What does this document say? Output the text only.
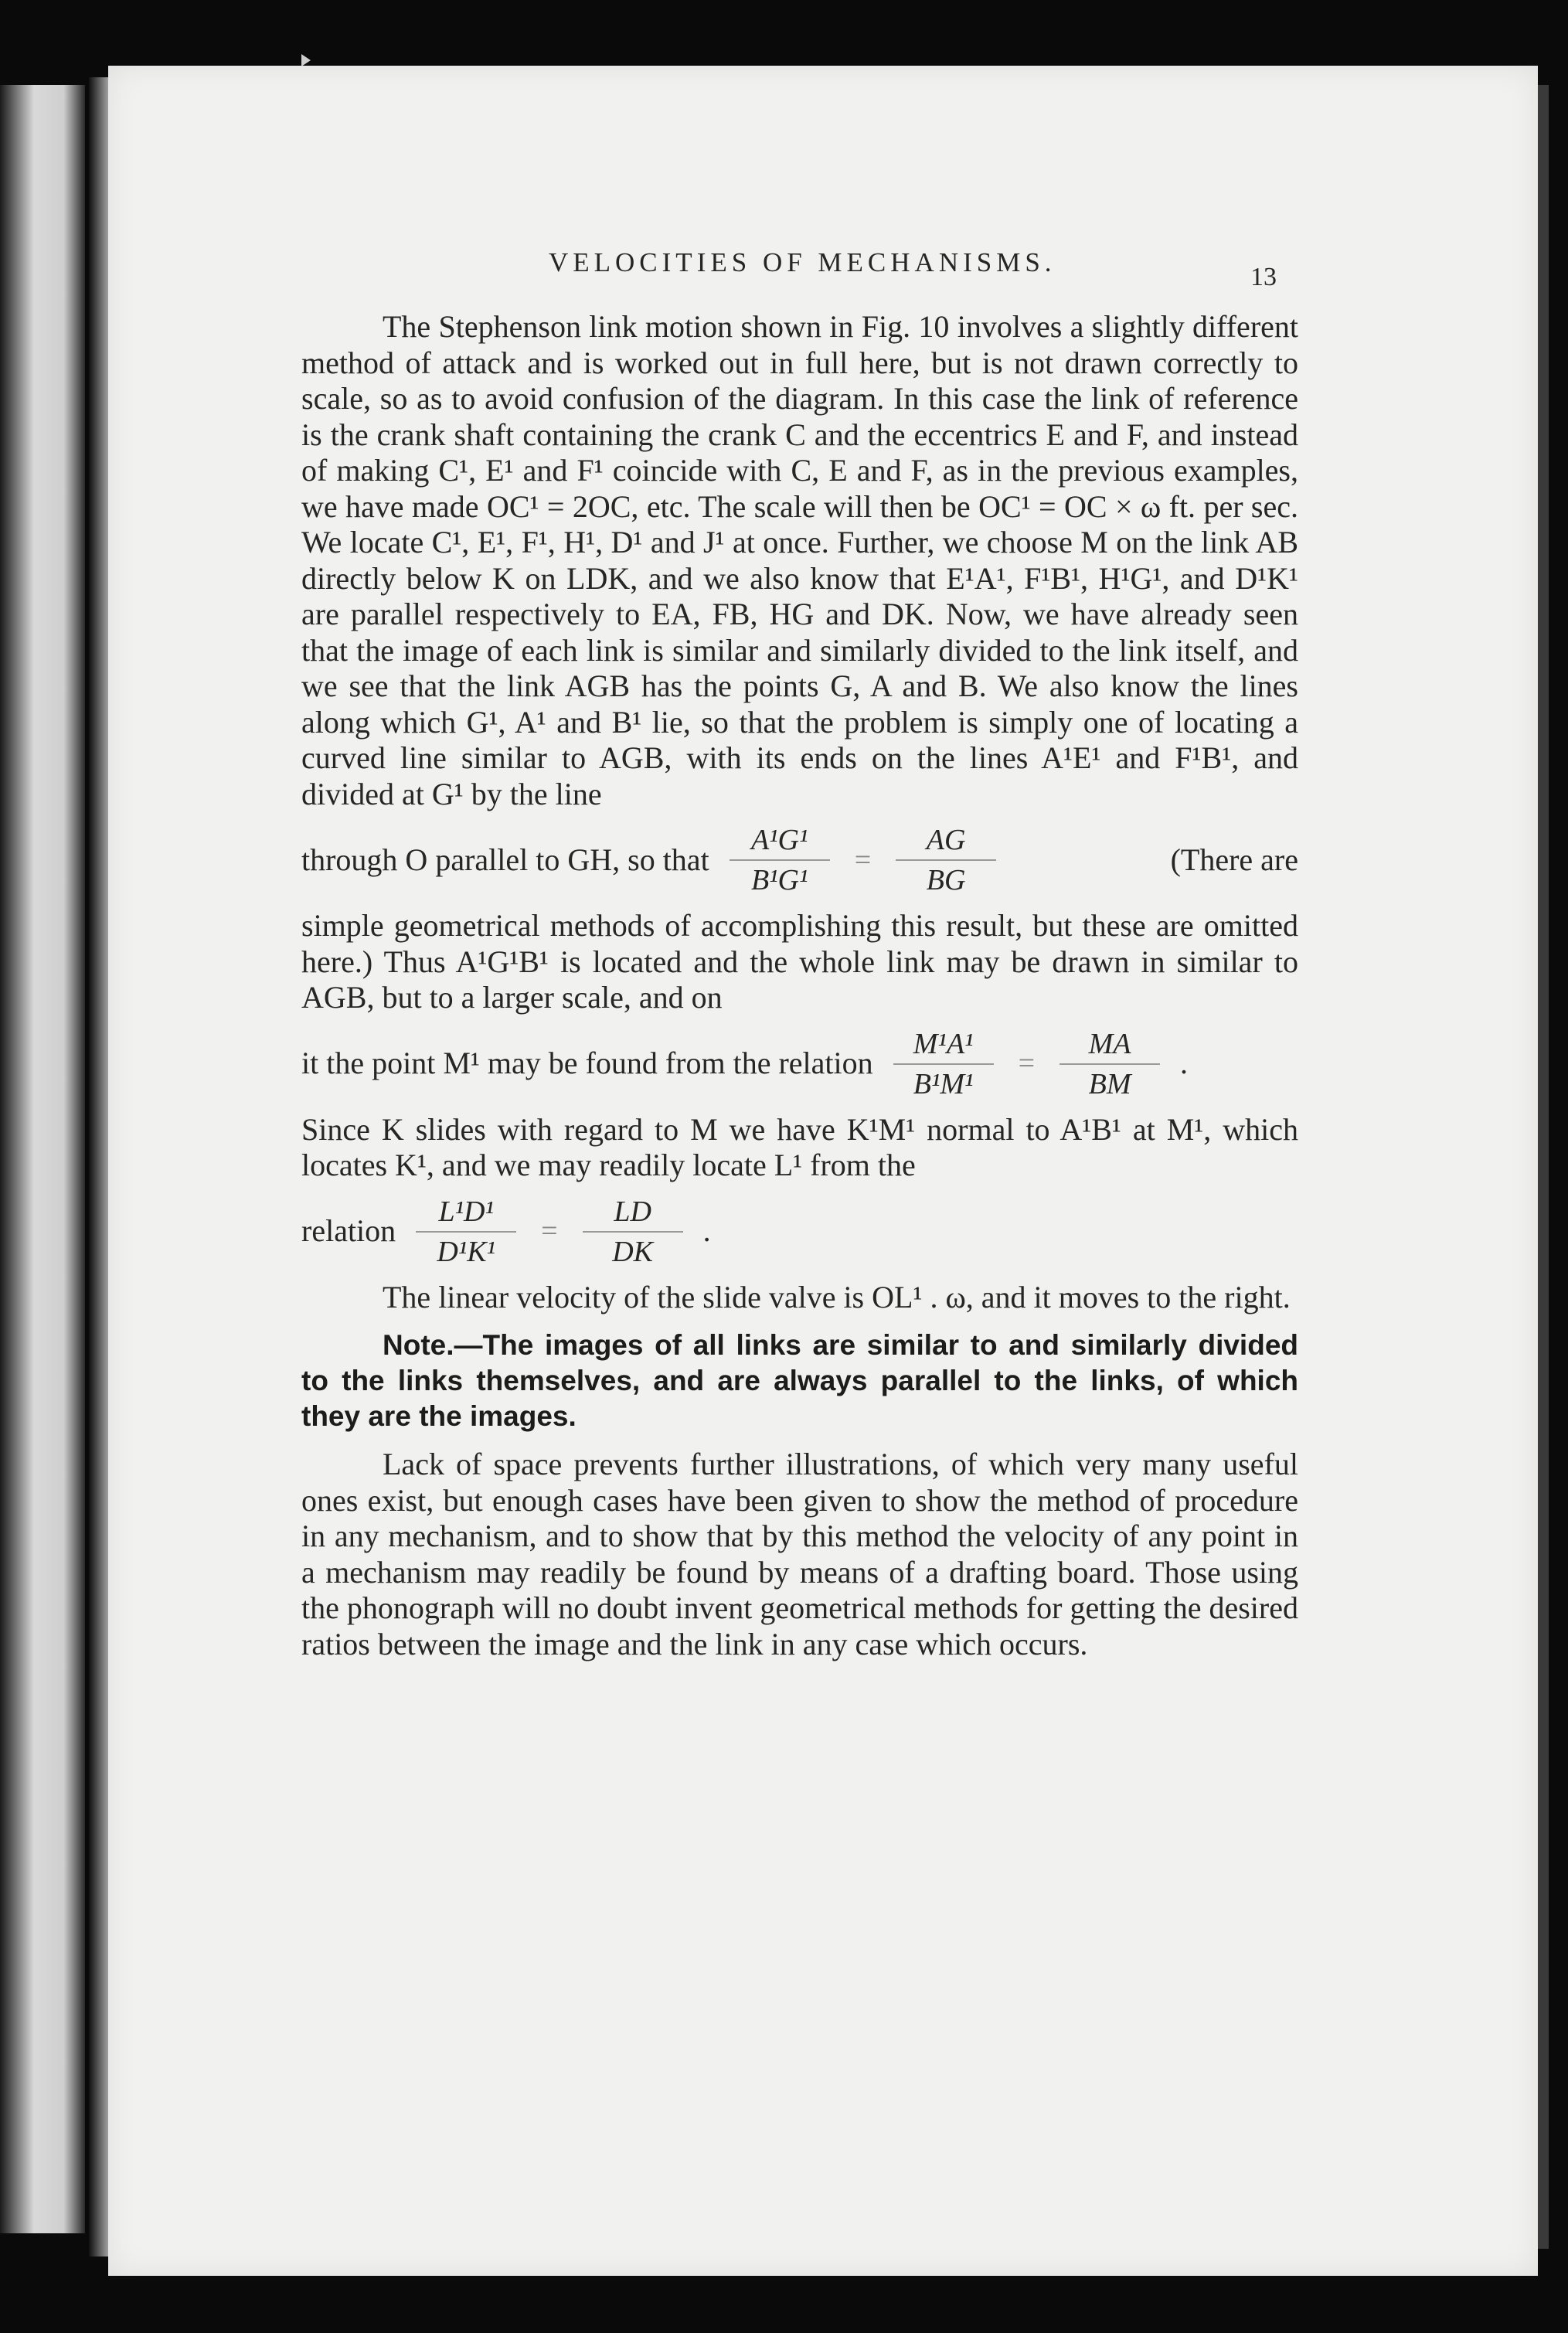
VELOCITIES OF MECHANISMS.	13

The Stephenson link motion shown in Fig. 10 involves a slightly different method of attack and is worked out in full here, but is not drawn correctly to scale, so as to avoid confusion of the diagram. In this case the link of reference is the crank shaft containing the crank C and the eccentrics E and F, and instead of making C¹, E¹ and F¹ coincide with C, E and F, as in the previous examples, we have made OC¹ = 2OC, etc. The scale will then be OC¹ = OC × ω ft. per sec. We locate C¹, E¹, F¹, H¹, D¹ and J¹ at once. Further, we choose M on the link AB directly below K on LDK, and we also know that E¹A¹, F¹B¹, H¹G¹, and D¹K¹ are parallel respectively to EA, FB, HG and DK. Now, we have already seen that the image of each link is similar and similarly divided to the link itself, and we see that the link AGB has the points G, A and B. We also know the lines along which G¹, A¹ and B¹ lie, so that the problem is simply one of locating a curved line similar to AGB, with its ends on the lines A¹E¹ and F¹B¹, and divided at G¹ by the line

through O parallel to GH, so that $\frac{\text{A¹G¹}}{\text{B¹G¹}} = \frac{AG}{BG}$	(There are

simple geometrical methods of accomplishing this result, but these are omitted here.) Thus A¹G¹B¹ is located and the whole link may be drawn in similar to AGB, but to a larger scale, and on

it the point M¹ may be found from the relation $\frac{\text{M¹A¹}}{\text{B¹M¹}} = \frac{MA}{BM}$ .

Since K slides with regard to M we have K¹M¹ normal to A¹B¹ at M¹, which locates K¹, and we may readily locate L¹ from the

relation $\frac{\text{L¹D¹}}{\text{D¹K¹}} = \frac{LD}{DK}$ .

The linear velocity of the slide valve is OL¹ . ω, and it moves to the right.

Note.—The images of all links are similar to and similarly divided to the links themselves, and are always parallel to the links, of which they are the images.

Lack of space prevents further illustrations, of which very many useful ones exist, but enough cases have been given to show the method of procedure in any mechanism, and to show that by this method the velocity of any point in a mechanism may readily be found by means of a drafting board. Those using the phonograph will no doubt invent geometrical methods for getting the desired ratios between the image and the link in any case which occurs.
